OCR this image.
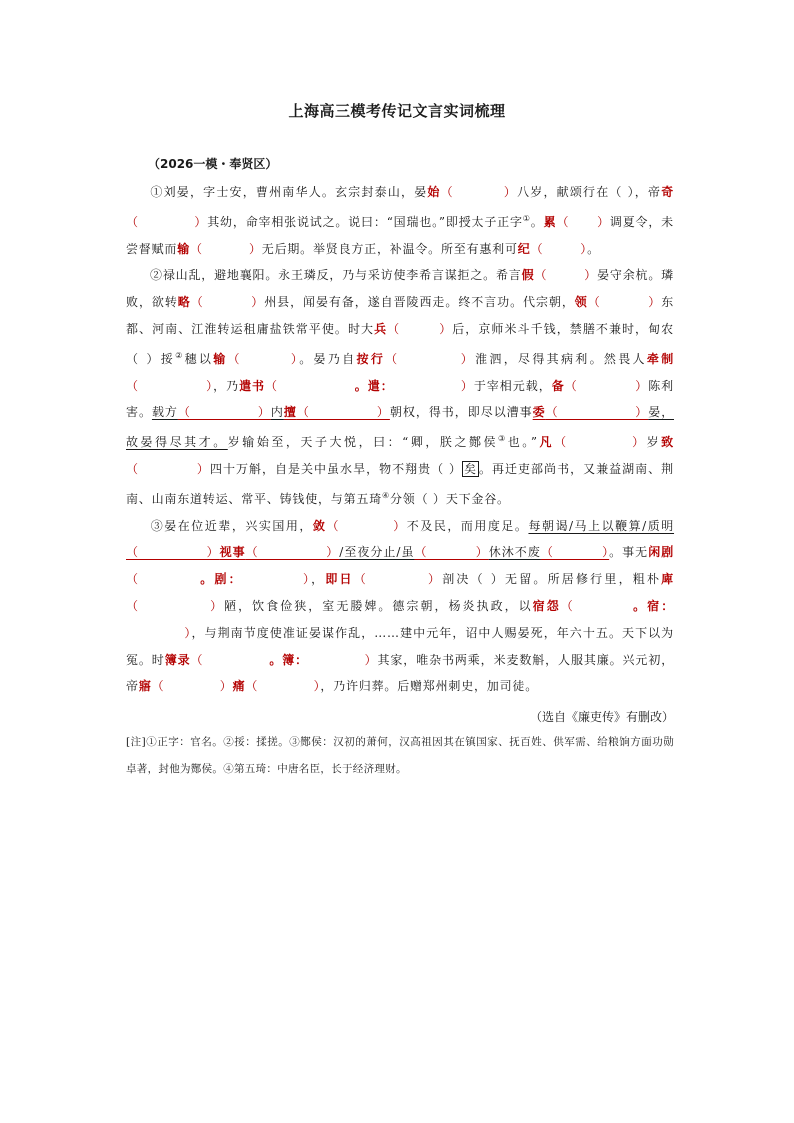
上海高三模考传记文言实词梳理
（2026一模・奉贤区）

①刘晏，字士安，曹州南华人。玄宗封泰山，晏始（          ）八岁，献颂行在（ ），帝奇（            ）其幼，命宰相张说试之。说曰：“国瑞也。”即授太子正字①。累（      ）调夏令，未尝督赋而输（          ）无后期。举贤良方正，补温令。所至有惠利可纪（        ）。

②禄山乱，避地襄阳。永王璘反，乃与采访使李希言谋拒之。希言假（        ）晏守余杭。璘败，欲转略（          ）州县，闻晏有备，遂自晋陵西走。终不言功。代宗朝，领（          ）东都、河南、江淮转运租庸盐铁常平使。时大兵（        ）后，京师米斗千钱，禁膳不兼时，甸农（ ）挼②穗以输（        ）。晏乃自按行（          ）淮泗，尽得其病利。然畏人牵制（              ），乃遣书（                。遣：              ）于宰相元载，备（            ）陈利害。载方（              ）内擅（              ）朝权，得书，即尽以漕事委（                ）晏，故晏得尽其才。岁输始至，天子大悦，曰：“卿，朕之酂侯③也。”凡（          ）岁致（            ）四十万斛，自是关中虽水旱，物不翔贵（ ） 矣 。再迁吏部尚书，又兼益湖南、荆南、山南东道转运、常平、铸钱使，与第五琦④分领（ ）天下金谷。

③晏在位近辈，兴实国用，敛（          ）不及民，而用度足。每朝谒/马上以鞭算/质明（              ）视事（              ）/至夜分止/虽（          ）休沐不废（          ）。事无闲剧（          。剧：          ），即日（          ）剖决（ ）无留。所居修行里，粗朴庳（            ）陋，饮食俭狭，室无媵婢。德宗朝，杨炎执政，以宿怨（          。宿：            ），与荆南节度使准证晏谋作乱，……建中元年，诏中人赐晏死，年六十五。天下以为冤。时簿录（              。簿：            ）其家，唯杂书两乘，米麦数斛，人服其廉。兴元初，帝寤（            ）痛（            ），乃许归葬。后赠郑州刺史，加司徒。

（选自《廉吏传》有删改）

[注]①正字：官名。②挼：揉搓。③酂侯：汉初的萧何，汉高祖因其在镇国家、抚百姓、供军需、给粮饷方面功勋卓著，封他为酂侯。④第五琦：中唐名臣，长于经济理财。
